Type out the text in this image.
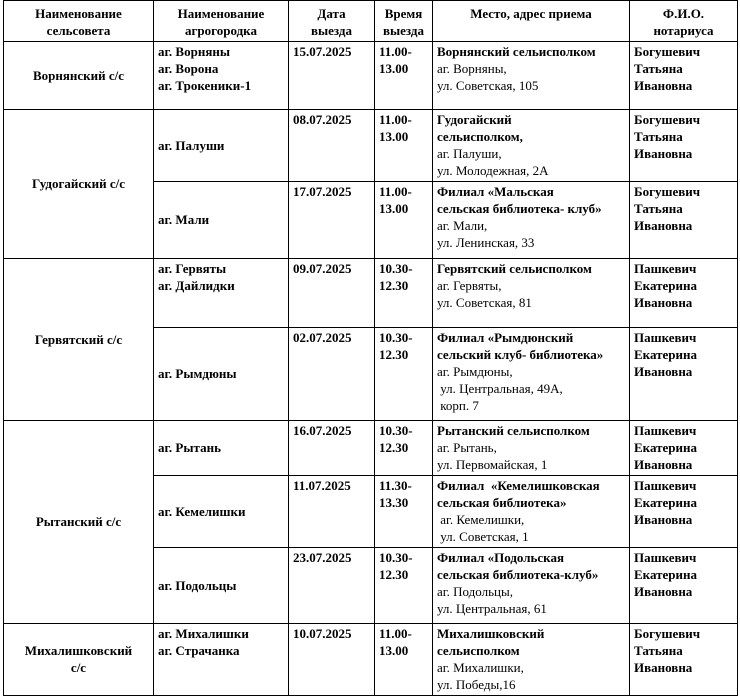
Наименование
сельсовета	Наименование
агрогородка	Дата
выезда	Время
выезда	Место, адрес приема	Ф.И.О.
нотариуса

Ворнянский с/с	аг. Ворняны
аг. Ворона
аг. Трокеники-1	15.07.2025	11.00-
13.00	Ворнянский сельисполком
аг. Ворняны,
ул. Советская, 105	Богушевич
Татьяна
Ивановна

Гудогайский с/с	аг. Палуши	08.07.2025	11.00-
13.00	Гудогайский
сельисполком,
аг. Палуши,
ул. Молодежная, 2А	Богушевич
Татьяна
Ивановна

	аг. Мали	17.07.2025	11.00-
13.00	Филиал «Мальская
сельская библиотека- клуб»
аг. Мали,
ул. Ленинская, 33	Богушевич
Татьяна
Ивановна

Гервятский с/с	аг. Гервяты
аг. Дайлидки	09.07.2025	10.30-
12.30	Гервятский сельисполком
аг. Гервяты,
ул. Советская, 81	Пашкевич
Екатерина
Ивановна

	аг. Рымдюны	02.07.2025	10.30-
12.30	Филиал «Рымдюнский
сельский клуб- библиотека»
аг. Рымдюны,
ул. Центральная, 49А,
корп. 7	Пашкевич
Екатерина
Ивановна

Рытанский с/с	аг. Рытань	16.07.2025	10.30-
12.30	Рытанский сельисполком
аг. Рытань,
ул. Первомайская, 1	Пашкевич
Екатерина
Ивановна

	аг. Кемелишки	11.07.2025	11.30-
13.30	Филиал  «Кемелишковская
сельская библиотека»
аг. Кемелишки,
ул. Советская, 1	Пашкевич
Екатерина
Ивановна

	аг. Подольцы	23.07.2025	10.30-
12.30	Филиал «Подольская
сельская библиотека-клуб»
аг. Подольцы,
ул. Центральная, 61	Пашкевич
Екатерина
Ивановна

Михалишковский
с/с	аг. Михалишки
аг. Страчанка	10.07.2025	11.00-
13.00	Михалишковский
сельисполком
аг. Михалишки,
ул. Победы,16	Богушевич
Татьяна
Ивановна
